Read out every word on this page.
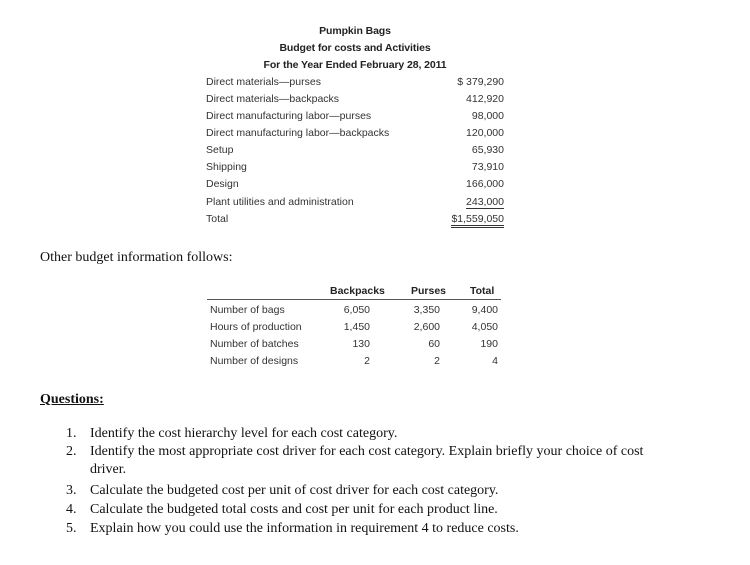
Pumpkin Bags
Budget for costs and Activities
For the Year Ended February 28, 2011
Direct materials—purses	$ 379,290
Direct materials—backpacks	412,920
Direct manufacturing labor—purses	98,000
Direct manufacturing labor—backpacks	120,000
Setup	65,930
Shipping	73,910
Design	166,000
Plant utilities and administration	243,000
Total	$1,559,050
Other budget information follows:
Backpacks Purses Total
Number of bags	6,050	3,350	9,400
Hours of production	1,450	2,600	4,050
Number of batches	130	60	190
Number of designs	2	2	4
Questions:
1. Identify the cost hierarchy level for each cost category.
2. Identify the most appropriate cost driver for each cost category. Explain briefly your choice of cost driver.
3. Calculate the budgeted cost per unit of cost driver for each cost category.
4. Calculate the budgeted total costs and cost per unit for each product line.
5. Explain how you could use the information in requirement 4 to reduce costs.
